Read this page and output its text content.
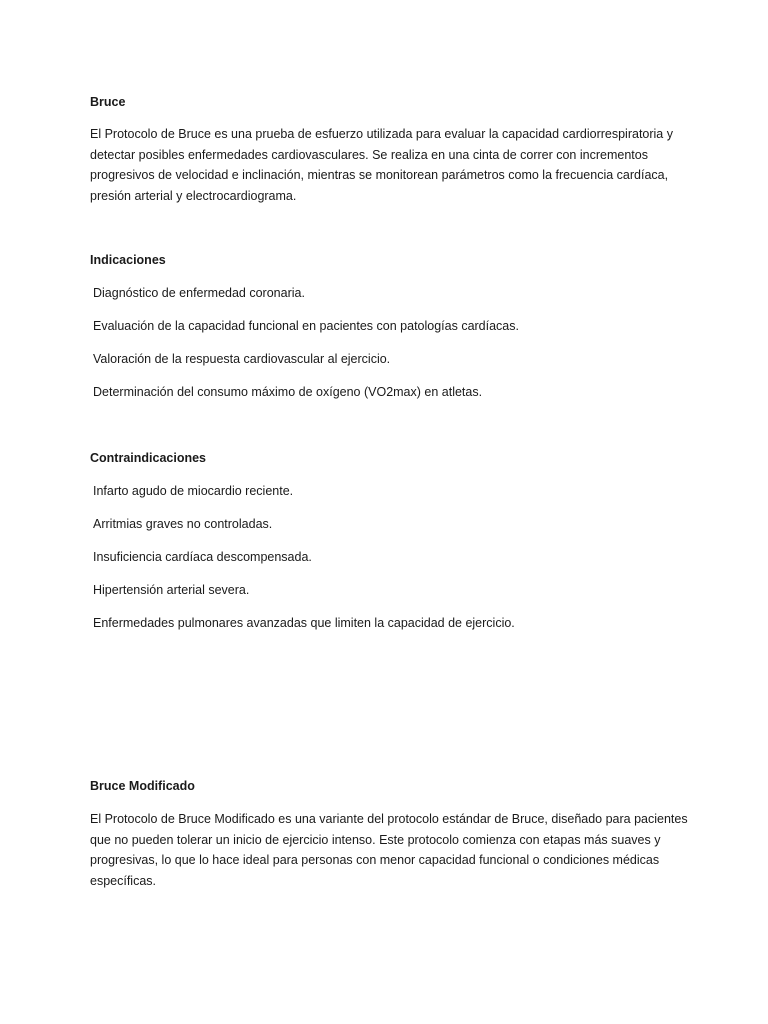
Bruce

El Protocolo de Bruce es una prueba de esfuerzo utilizada para evaluar la capacidad cardiorrespiratoria y detectar posibles enfermedades cardiovasculares. Se realiza en una cinta de correr con incrementos progresivos de velocidad e inclinación, mientras se monitorean parámetros como la frecuencia cardíaca, presión arterial y electrocardiograma.

Indicaciones

Diagnóstico de enfermedad coronaria.
Evaluación de la capacidad funcional en pacientes con patologías cardíacas.
Valoración de la respuesta cardiovascular al ejercicio.
Determinación del consumo máximo de oxígeno (VO2max) en atletas.

Contraindicaciones

Infarto agudo de miocardio reciente.
Arritmias graves no controladas.
Insuficiencia cardíaca descompensada.
Hipertensión arterial severa.
Enfermedades pulmonares avanzadas que limiten la capacidad de ejercicio.

Bruce Modificado

El Protocolo de Bruce Modificado es una variante del protocolo estándar de Bruce, diseñado para pacientes que no pueden tolerar un inicio de ejercicio intenso. Este protocolo comienza con etapas más suaves y progresivas, lo que lo hace ideal para personas con menor capacidad funcional o condiciones médicas específicas.
